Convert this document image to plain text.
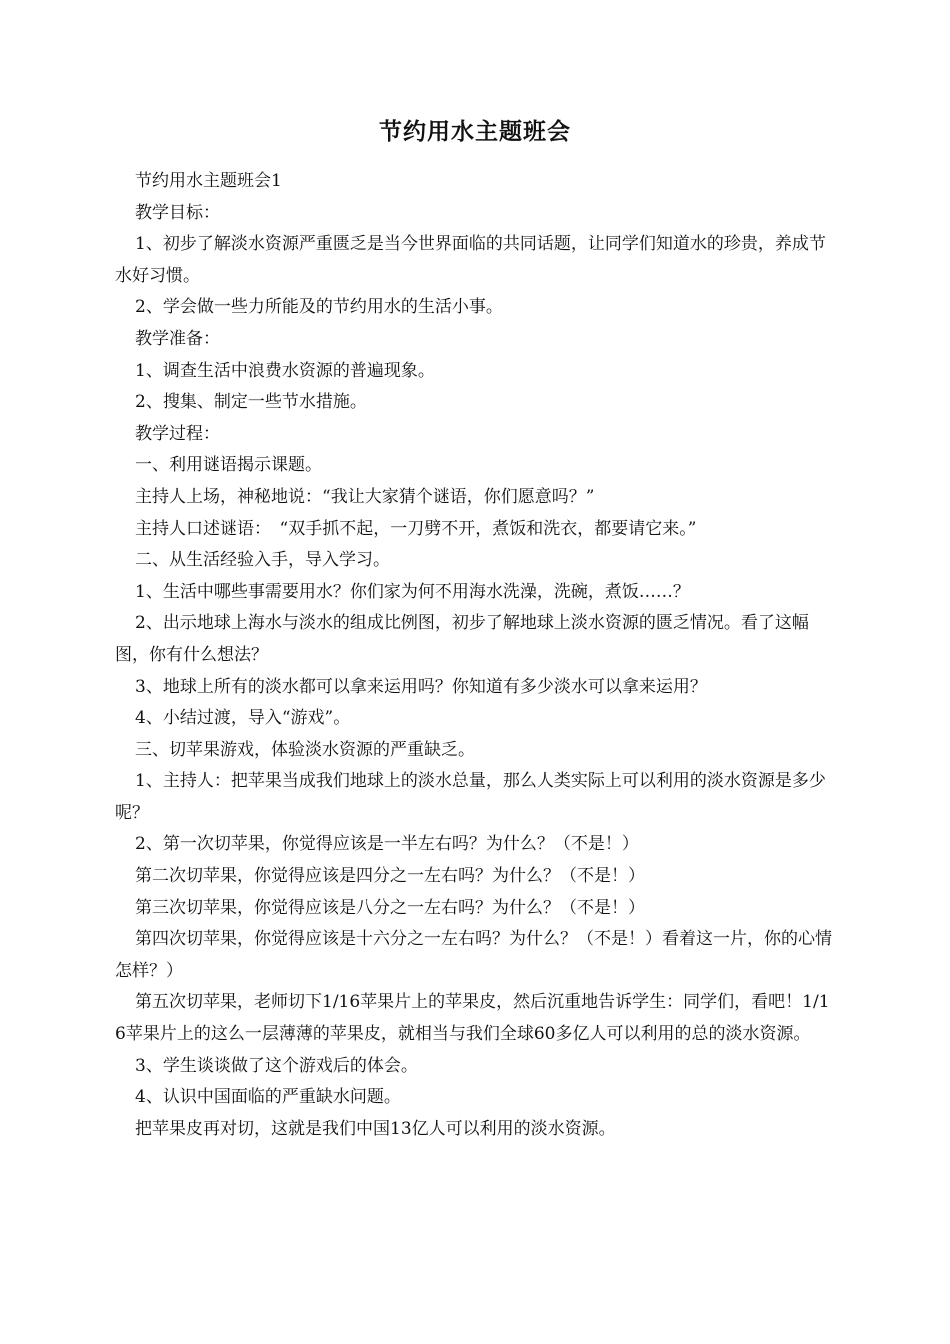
节约用水主题班会

节约用水主题班会1

教学目标：

1、初步了解淡水资源严重匮乏是当今世界面临的共同话题，让同学们知道水的珍贵，养成节水好习惯。

2、学会做一些力所能及的节约用水的生活小事。

教学准备：

1、调查生活中浪费水资源的普遍现象。

2、搜集、制定一些节水措施。

教学过程：

一、利用谜语揭示课题。

主持人上场，神秘地说：“我让大家猜个谜语，你们愿意吗？”

主持人口述谜语：　“双手抓不起，一刀劈不开，煮饭和洗衣，都要请它来。”

二、从生活经验入手，导入学习。

1、生活中哪些事需要用水？你们家为何不用海水洗澡，洗碗，煮饭……？

2、出示地球上海水与淡水的组成比例图，初步了解地球上淡水资源的匮乏情况。看了这幅图，你有什么想法？

3、地球上所有的淡水都可以拿来运用吗？你知道有多少淡水可以拿来运用？

4、小结过渡，导入“游戏”。

三、切苹果游戏，体验淡水资源的严重缺乏。

1、主持人：把苹果当成我们地球上的淡水总量，那么人类实际上可以利用的淡水资源是多少呢？

2、第一次切苹果，你觉得应该是一半左右吗？为什么？（不是！）

第二次切苹果，你觉得应该是四分之一左右吗？为什么？（不是！）

第三次切苹果，你觉得应该是八分之一左右吗？为什么？（不是！）

第四次切苹果，你觉得应该是十六分之一左右吗？为什么？（不是！）看着这一片，你的心情怎样？）

第五次切苹果，老师切下1/16苹果片上的苹果皮，然后沉重地告诉学生：同学们，看吧！1/16苹果片上的这么一层薄薄的苹果皮，就相当与我们全球60多亿人可以利用的总的淡水资源。

3、学生谈谈做了这个游戏后的体会。

4、认识中国面临的严重缺水问题。

把苹果皮再对切，这就是我们中国13亿人可以利用的淡水资源。
